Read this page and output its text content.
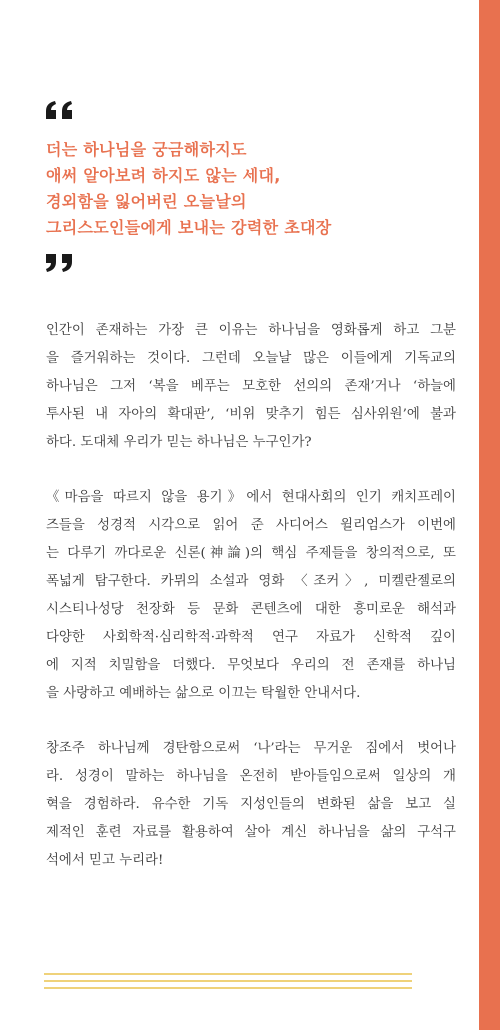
더는 하나님을 궁금해하지도
애써 알아보려 하지도 않는 세대,
경외함을 잃어버린 오늘날의
그리스도인들에게 보내는 강력한 초대장
인간이 존재하는 가장 큰 이유는 하나님을 영화롭게 하고 그분
을 즐거워하는 것이다. 그런데 오늘날 많은 이들에게 기독교의
하나님은 그저 ‘복을 베푸는 모호한 선의의 존재’거나 ‘하늘에
투사된 내 자아의 확대판’, ‘비위 맞추기 힘든 심사위원’에 불과
하다. 도대체 우리가 믿는 하나님은 누구인가?
《마음을 따르지 않을 용기》에서 현대사회의 인기 캐치프레이
즈들을 성경적 시각으로 읽어 준 사디어스 윌리엄스가 이번에
는 다루기 까다로운 신론(神論)의 핵심 주제들을 창의적으로, 또
폭넓게 탐구한다. 카뮈의 소설과 영화 〈조커〉, 미켈란젤로의
시스티나성당 천장화 등 문화 콘텐츠에 대한 흥미로운 해석과
다양한 사회학적·심리학적·과학적 연구 자료가 신학적 깊이
에 지적 치밀함을 더했다. 무엇보다 우리의 전 존재를 하나님
을 사랑하고 예배하는 삶으로 이끄는 탁월한 안내서다.
창조주 하나님께 경탄함으로써 ‘나’라는 무거운 짐에서 벗어나
라. 성경이 말하는 하나님을 온전히 받아들임으로써 일상의 개
혁을 경험하라. 유수한 기독 지성인들의 변화된 삶을 보고 실
제적인 훈련 자료를 활용하여 살아 계신 하나님을 삶의 구석구
석에서 믿고 누리라!
